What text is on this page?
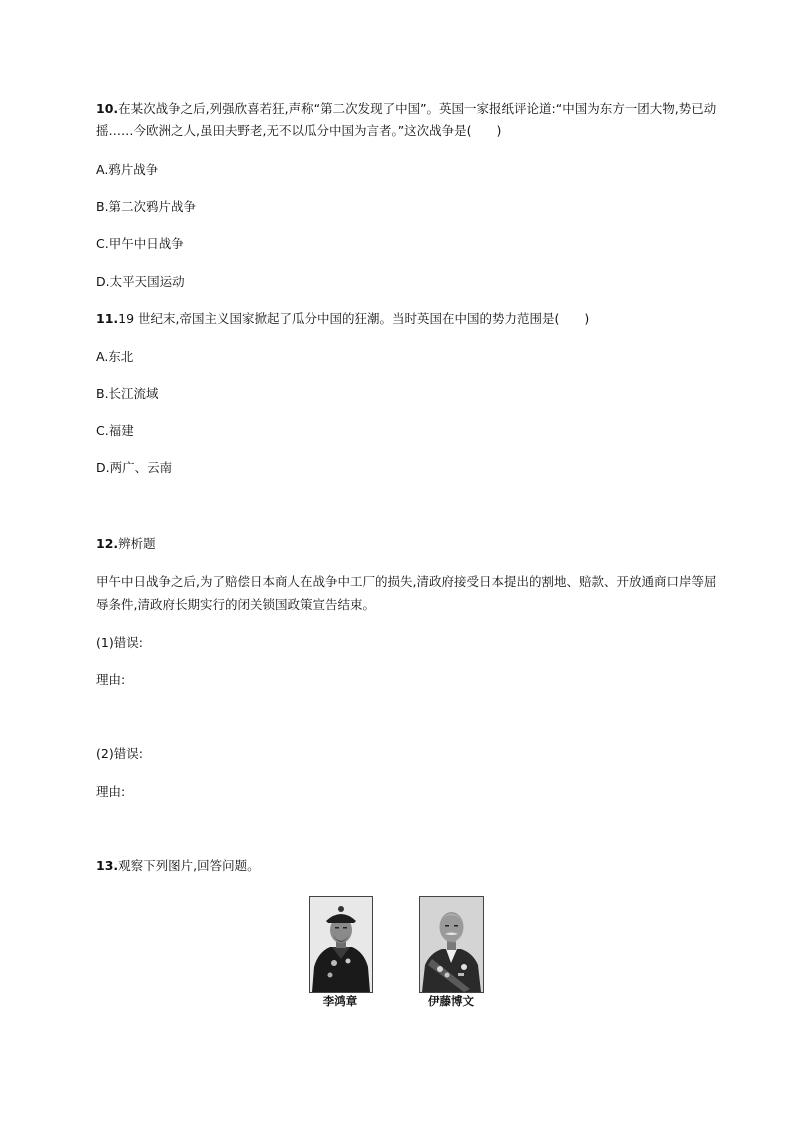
10.在某次战争之后,列强欣喜若狂,声称“第二次发现了中国”。英国一家报纸评论道:“中国为东方一团大物,势已动
摇……今欧洲之人,虽田夫野老,无不以瓜分中国为言者。”这次战争是(　　)
A.鸦片战争
B.第二次鸦片战争
C.甲午中日战争
D.太平天国运动
11.19 世纪末,帝国主义国家掀起了瓜分中国的狂潮。当时英国在中国的势力范围是(　　)
A.东北
B.长江流域
C.福建
D.两广、云南
12.辨析题
甲午中日战争之后,为了赔偿日本商人在战争中工厂的损失,清政府接受日本提出的割地、赔款、开放通商口岸等屈
辱条件,清政府长期实行的闭关锁国政策宣告结束。
(1)错误:
理由:
(2)错误:
理由:
13.观察下列图片,回答问题。
李鸿章	伊藤博文
